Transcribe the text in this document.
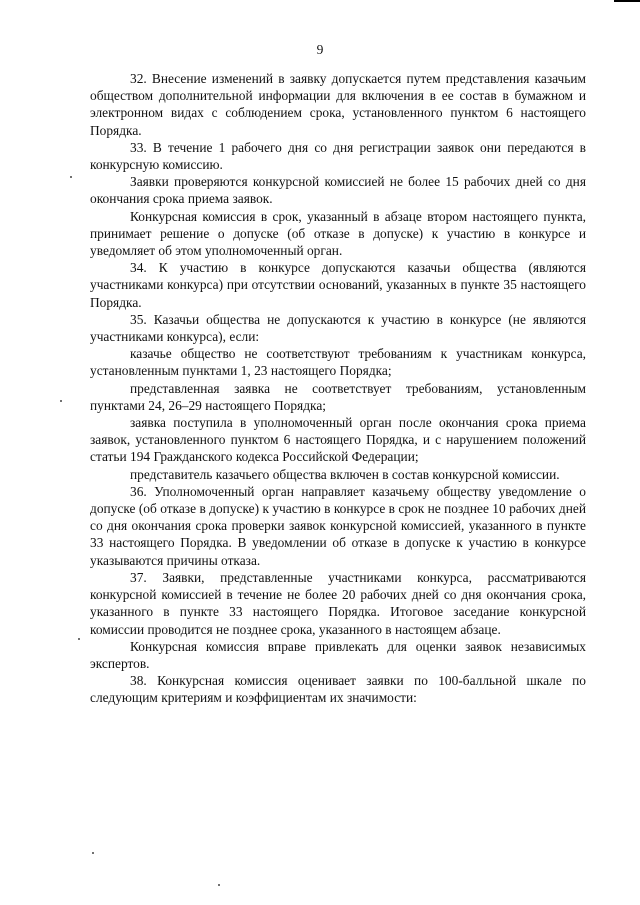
9

32. Внесение изменений в заявку допускается путем представления казачьим обществом дополнительной информации для включения в ее состав в бумажном и электронном видах с соблюдением срока, установленного пунктом 6 настоящего Порядка.

33. В течение 1 рабочего дня со дня регистрации заявок они передаются в конкурсную комиссию.

Заявки проверяются конкурсной комиссией не более 15 рабочих дней со дня окончания срока приема заявок.

Конкурсная комиссия в срок, указанный в абзаце втором настоящего пункта, принимает решение о допуске (об отказе в допуске) к участию в конкурсе и уведомляет об этом уполномоченный орган.

34. К участию в конкурсе допускаются казачьи общества (являются участниками конкурса) при отсутствии оснований, указанных в пункте 35 настоящего Порядка.

35. Казачьи общества не допускаются к участию в конкурсе (не являются участниками конкурса), если:

казачье общество не соответствуют требованиям к участникам конкурса, установленным пунктами 1, 23 настоящего Порядка;

представленная заявка не соответствует требованиям, установленным пунктами 24, 26–29 настоящего Порядка;

заявка поступила в уполномоченный орган после окончания срока приема заявок, установленного пунктом 6 настоящего Порядка, и с нарушением положений статьи 194 Гражданского кодекса Российской Федерации;

представитель казачьего общества включен в состав конкурсной комиссии.

36. Уполномоченный орган направляет казачьему обществу уведомление о допуске (об отказе в допуске) к участию в конкурсе в срок не позднее 10 рабочих дней со дня окончания срока проверки заявок конкурсной комиссией, указанного в пункте 33 настоящего Порядка. В уведомлении об отказе в допуске к участию в конкурсе указываются причины отказа.

37. Заявки, представленные участниками конкурса, рассматриваются конкурсной комиссией в течение не более 20 рабочих дней со дня окончания срока, указанного в пункте 33 настоящего Порядка. Итоговое заседание конкурсной комиссии проводится не позднее срока, указанного в настоящем абзаце.

Конкурсная комиссия вправе привлекать для оценки заявок независимых экспертов.

38. Конкурсная комиссия оценивает заявки по 100-балльной шкале по следующим критериям и коэффициентам их значимости:
